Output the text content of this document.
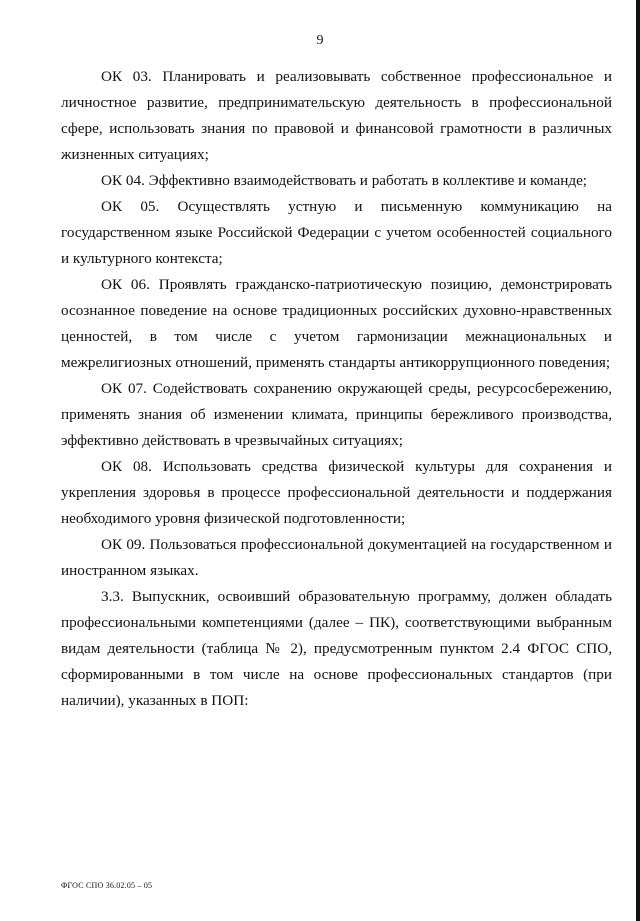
9

ОК 03. Планировать и реализовывать собственное профессиональное и личностное развитие, предпринимательскую деятельность в профессиональной сфере, использовать знания по правовой и финансовой грамотности в различных жизненных ситуациях;

ОК 04. Эффективно взаимодействовать и работать в коллективе и команде;

ОК 05. Осуществлять устную и письменную коммуникацию на государственном языке Российской Федерации с учетом особенностей социального и культурного контекста;

ОК 06. Проявлять гражданско-патриотическую позицию, демонстрировать осознанное поведение на основе традиционных российских духовно-нравственных ценностей, в том числе с учетом гармонизации межнациональных и межрелигиозных отношений, применять стандарты антикоррупционного поведения;

ОК 07. Содействовать сохранению окружающей среды, ресурсосбережению, применять знания об изменении климата, принципы бережливого производства, эффективно действовать в чрезвычайных ситуациях;

ОК 08. Использовать средства физической культуры для сохранения и укрепления здоровья в процессе профессиональной деятельности и поддержания необходимого уровня физической подготовленности;

ОК 09. Пользоваться профессиональной документацией на государственном и иностранном языках.

3.3. Выпускник, освоивший образовательную программу, должен обладать профессиональными компетенциями (далее – ПК), соответствующими выбранным видам деятельности (таблица № 2), предусмотренным пунктом 2.4 ФГОС СПО, сформированными в том числе на основе профессиональных стандартов (при наличии), указанных в ПОП:

ФГОС СПО 36.02.05 – 05
